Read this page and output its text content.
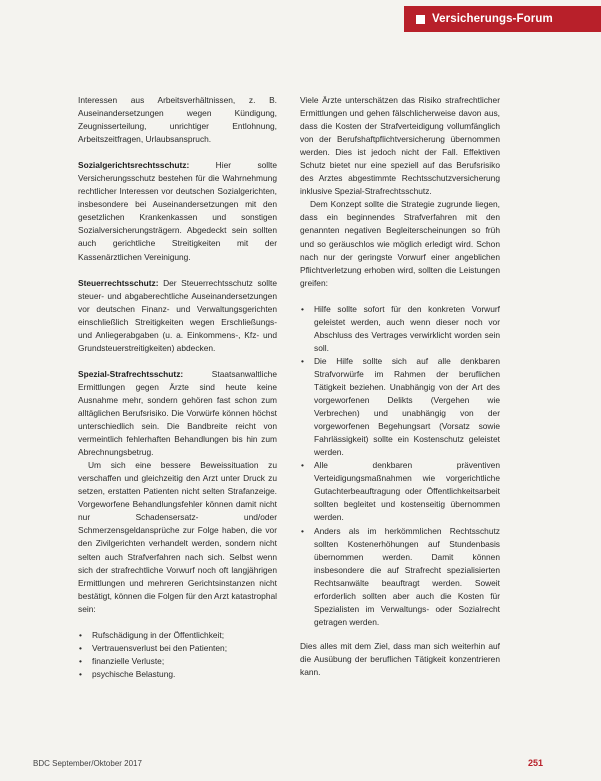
Versicherungs-Forum

Interessen aus Arbeitsverhältnissen, z. B. Auseinandersetzungen wegen Kündigung, Zeugnisserteilung, unrichtiger Entlohnung, Arbeitszeitfragen, Urlaubsanspruch.

Sozialgerichtsrechtsschutz: Hier sollte Versicherungsschutz bestehen für die Wahrnehmung rechtlicher Interessen vor deutschen Sozialgerichten, insbesondere bei Auseinandersetzungen mit den gesetzlichen Krankenkassen und sonstigen Sozialversicherungsträgern. Abgedeckt sein sollten auch gerichtliche Streitigkeiten mit der Kassenärztlichen Vereinigung.

Steuerrechtsschutz: Der Steuerrechtsschutz sollte steuer- und abgaberechtliche Auseinandersetzungen vor deutschen Finanz- und Verwaltungsgerichten einschließlich Streitigkeiten wegen Erschließungs- und Anliegerabgaben (u. a. Einkommens-, Kfz- und Grundsteuerstreitigkeiten) abdecken.

Spezial-Strafrechtsschutz: Staatsanwaltliche Ermittlungen gegen Ärzte sind heute keine Ausnahme mehr, sondern gehören fast schon zum alltäglichen Berufsrisiko. Die Vorwürfe können höchst unterschiedlich sein. Die Bandbreite reicht von vermeintlich fehlerhaften Behandlungen bis hin zum Abrechnungsbetrug.

Um sich eine bessere Beweissituation zu verschaffen und gleichzeitig den Arzt unter Druck zu setzen, erstatten Patienten nicht selten Strafanzeige. Vorgeworfene Behandlungsfehler können damit nicht nur Schadensersatz- und/oder Schmerzensgeldansprüche zur Folge haben, die vor den Zivilgerichten verhandelt werden, sondern nicht selten auch Strafverfahren nach sich. Selbst wenn sich der strafrechtliche Vorwurf noch oft langjährigen Ermittlungen und mehreren Gerichtsinstanzen nicht bestätigt, können die Folgen für den Arzt katastrophal sein:

• Rufschädigung in der Öffentlichkeit;
• Vertrauensverlust bei den Patienten;
• finanzielle Verluste;
• psychische Belastung.

Viele Ärzte unterschätzen das Risiko strafrechtlicher Ermittlungen und gehen fälschlicherweise davon aus, dass die Kosten der Strafverteidigung vollumfänglich von der Berufshaftpflichtversicherung übernommen werden. Dies ist jedoch nicht der Fall. Effektiven Schutz bietet nur eine speziell auf das Berufsrisiko des Arztes abgestimmte Rechtsschutzversicherung inklusive Spezial-Strafrechtsschutz.

Dem Konzept sollte die Strategie zugrunde liegen, dass ein beginnendes Strafverfahren mit den genannten negativen Begleiterscheinungen so früh und so geräuschlos wie möglich erledigt wird. Schon nach nur der geringste Vorwurf einer angeblichen Pflichtverletzung erhoben wird, sollten die Leistungen greifen:

• Hilfe sollte sofort für den konkreten Vorwurf geleistet werden, auch wenn dieser noch vor Abschluss des Vertrages verwirklicht worden sein soll.
• Die Hilfe sollte sich auf alle denkbaren Strafvorwürfe im Rahmen der beruflichen Tätigkeit beziehen. Unabhängig von der Art des vorgeworfenen Delikts (Vergehen wie Verbrechen) und unabhängig von der vorgeworfenen Begehungsart (Vorsatz sowie Fahrlässigkeit) sollte ein Kostenschutz geleistet werden.
• Alle denkbaren präventiven Verteidigungsmaßnahmen wie vorgerichtliche Gutachterbeauftragung oder Öffentlichkeitsarbeit sollten begleitet und kostenseitig übernommen werden.
• Anders als im herkömmlichen Rechtsschutz sollten Kostenerhöhungen auf Stundenbasis übernommen werden. Damit können insbesondere die auf Strafrecht spezialisierten Rechtsanwälte beauftragt werden. Soweit erforderlich sollten aber auch die Kosten für Spezialisten im Verwaltungs- oder Sozialrecht getragen werden.

Dies alles mit dem Ziel, dass man sich weiterhin auf die Ausübung der beruflichen Tätigkeit konzentrieren kann.

BDC September/Oktober 2017	251
